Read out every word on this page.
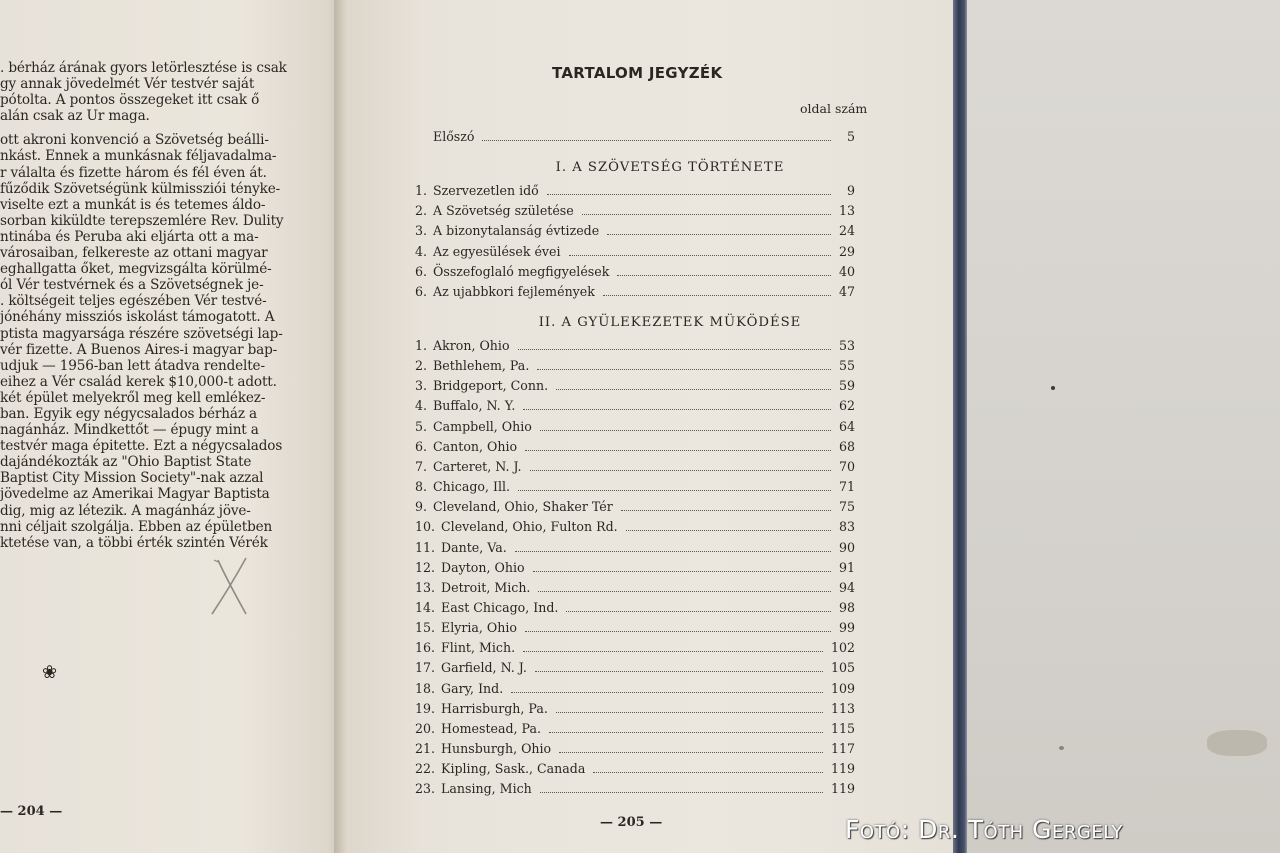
. bérház árának gyors letörlesztése is csak
gy annak jövedelmét Vér testvér saját
pótolta. A pontos összegeket itt csak ő
alán csak az Ur maga.
ott akroni konvenció a Szövetség beálli-
nkást. Ennek a munkásnak féljavadalma-
r válalta és fizette három és fél éven át.
fűződik Szövetségünk külmissziói tényke-
viselte ezt a munkát is és tetemes áldo-
sorban kiküldte terepszemlére Rev. Dulity
ntinába és Peruba aki eljárta ott a ma-
városaiban, felkereste az ottani magyar
eghallgatta őket, megvizsgálta körülmé-
ól Vér testvérnek és a Szövetségnek je-
. költségeit teljes egészében Vér testvé-
jónéhány missziós iskolást támogatott. A
ptista magyarsága részére szövetségi lap-
vér fizette. A Buenos Aires-i magyar bap-
udjuk — 1956-ban lett átadva rendelte-
eihez a Vér család kerek $10,000-t adott.
két épület melyekről meg kell emlékez-
ban. Egyik egy négycsalados bérház a
nagánház. Mindkettőt — épugy mint a
testvér maga épitette. Ezt a négycsalados
dajándékozták az "Ohio Baptist State
Baptist City Mission Society"-nak azzal
jövedelme az Amerikai Magyar Baptista
dig, mig az létezik. A magánház jöve-
nni céljait szolgálja. Ebben az épületben
ktetése van, a többi érték szintén Vérék
❀
— 204 —
TARTALOM JEGYZÉK
oldal szám
Előszó	5
I. A SZÖVETSÉG TÖRTÉNETE
1. Szervezetlen idő	9
2. A Szövetség születése	13
3. A bizonytalanság évtizede	24
4. Az egyesülések évei	29
6. Összefoglaló megfigyelések	40
6. Az ujabbkori fejlemények	47
II. A GYÜLEKEZETEK MÜKÖDÉSE
1. Akron, Ohio	53
2. Bethlehem, Pa.	55
3. Bridgeport, Conn.	59
4. Buffalo, N. Y.	62
5. Campbell, Ohio	64
6. Canton, Ohio	68
7. Carteret, N. J.	70
8. Chicago, Ill.	71
9. Cleveland, Ohio, Shaker Tér	75
10. Cleveland, Ohio, Fulton Rd.	83
11. Dante, Va.	90
12. Dayton, Ohio	91
13. Detroit, Mich.	94
14. East Chicago, Ind.	98
15. Elyria, Ohio	99
16. Flint, Mich.	102
17. Garfield, N. J.	105
18. Gary, Ind.	109
19. Harrisburgh, Pa.	113
20. Homestead, Pa.	115
21. Hunsburgh, Ohio	117
22. Kipling, Sask., Canada	119
23. Lansing, Mich	119
— 205 —	Fotó: Dr. Tóth Gergely
